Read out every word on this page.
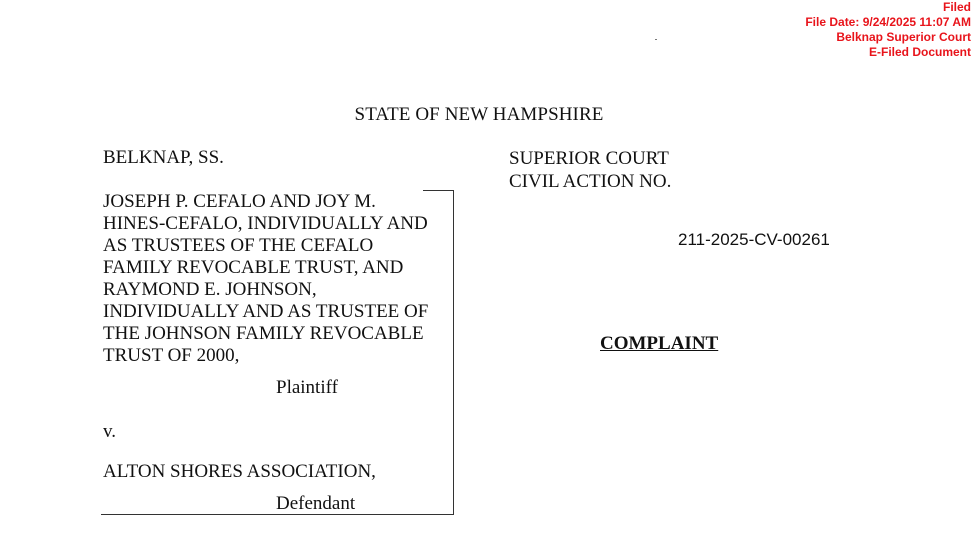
Filed
File Date: 9/24/2025 11:07 AM
Belknap Superior Court
E-Filed Document
STATE OF NEW HAMPSHIRE
BELKNAP, SS.	SUPERIOR COURT
CIVIL ACTION NO.
JOSEPH P. CEFALO AND JOY M.
HINES-CEFALO, INDIVIDUALLY AND
AS TRUSTEES OF THE CEFALO
FAMILY REVOCABLE TRUST, AND
RAYMOND E. JOHNSON,
INDIVIDUALLY AND AS TRUSTEE OF
THE JOHNSON FAMILY REVOCABLE
TRUST OF 2000,
Plaintiff
v.
ALTON SHORES ASSOCIATION,
Defendant
211-2025-CV-00261
COMPLAINT
